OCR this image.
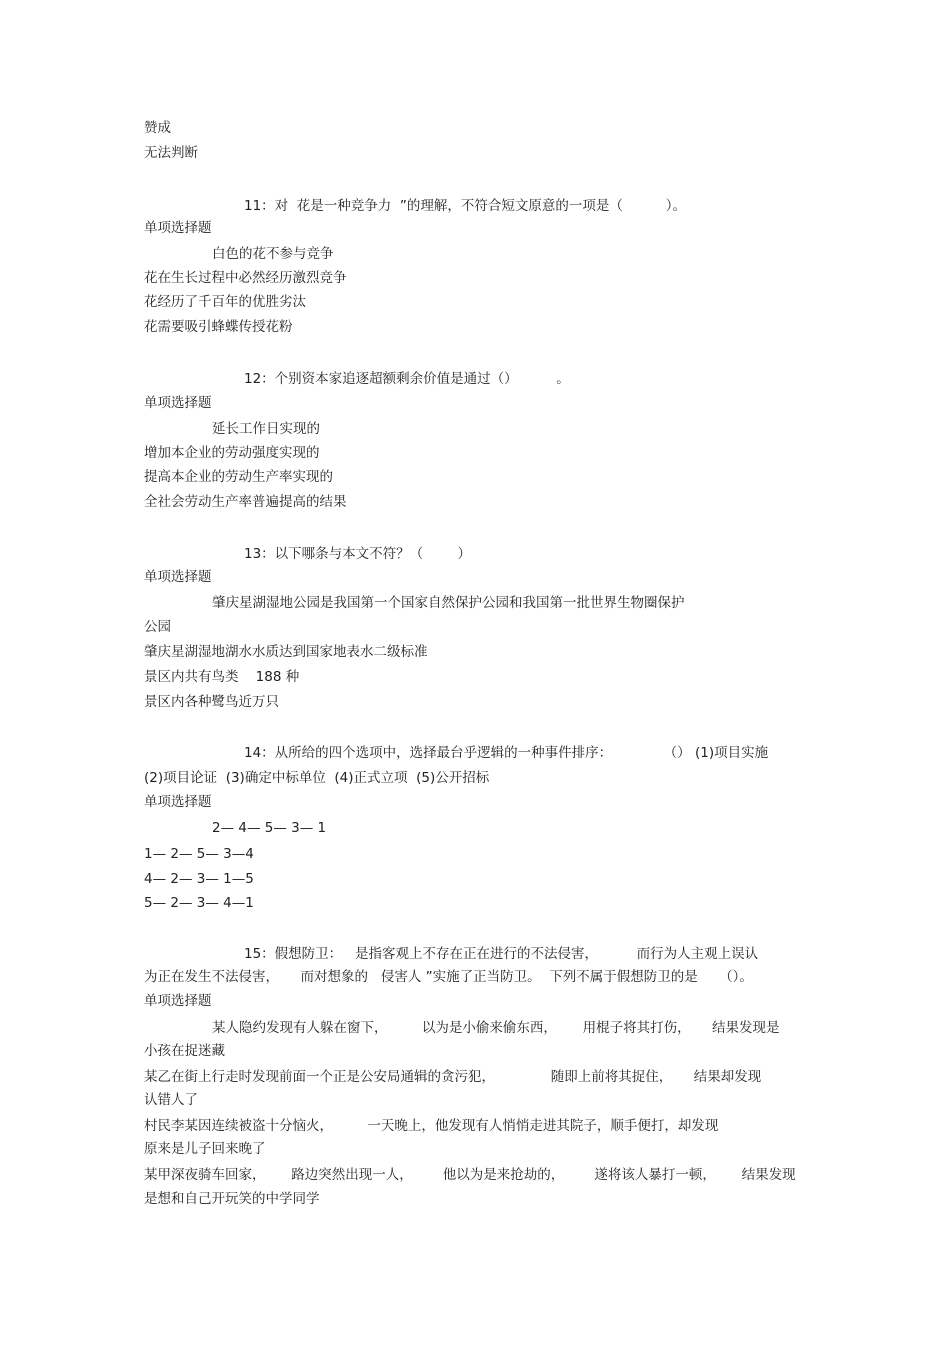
赞成
无法判断
11：对  花是一种竞争力  ”的理解，不符合短文原意的一项是（          ）。
单项选择题
白色的花不参与竞争
花在生长过程中必然经历激烈竞争
花经历了千百年的优胜劣汰
花需要吸引蜂蝶传授花粉
12：个别资本家追逐超额剩余价值是通过（）         。
单项选择题
延长工作日实现的
增加本企业的劳动强度实现的
提高本企业的劳动生产率实现的
全社会劳动生产率普遍提高的结果
13：以下哪条与本文不符？（        ）
单项选择题
肇庆星湖湿地公园是我国第一个国家自然保护公园和我国第一批世界生物圈保护
公园
肇庆星湖湿地湖水水质达到国家地表水二级标准
景区内共有鸟类    188 种
景区内各种鹭鸟近万只
14：从所给的四个选项中，选择最台乎逻辑的一种事件排序：            （） (1)项目实施
(2)项目论证  (3)确定中标单位  (4)正式立项  (5)公开招标
单项选择题
2— 4— 5— 3— 1
1— 2— 5— 3—4
4— 2— 3— 1—5
5— 2— 3— 4—1
15：假想防卫：   是指客观上不存在正在进行的不法侵害，         而行为人主观上误认
为正在发生不法侵害，     而对想象的   侵害人 ”实施了正当防卫。  下列不属于假想防卫的是     （）。
单项选择题
某人隐约发现有人躲在窗下，        以为是小偷来偷东西，      用棍子将其打伤，     结果发现是
小孩在捉迷藏
某乙在街上行走时发现前面一个正是公安局通辑的贪污犯，             随即上前将其捉住，     结果却发现
认错人了
村民李某因连续被盗十分恼火，        一天晚上，他发现有人悄悄走进其院子，顺手便打，却发现
原来是儿子回来晚了
某甲深夜骑车回家，      路边突然出现一人，       他以为是来抢劫的，       遂将该人暴打一顿，      结果发现
是想和自己开玩笑的中学同学
